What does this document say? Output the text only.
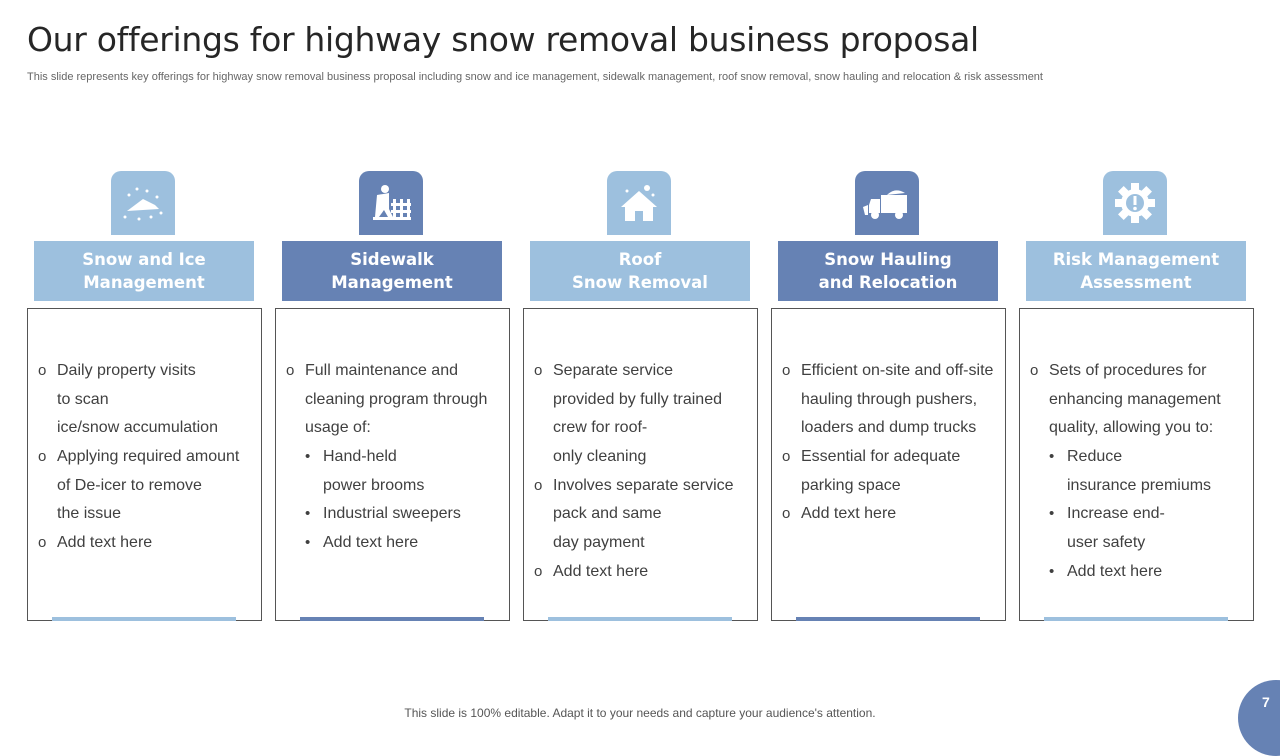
Our offerings for highway snow removal business proposal
This slide represents key offerings for highway snow removal business proposal including snow and ice management, sidewalk management, roof snow removal, snow hauling and relocation & risk assessment
Snow and Ice
Management
o Daily property visits
to scan
ice/snow accumulation
o Applying required amount
of De-icer to remove
the issue
o Add text here
Sidewalk
Management
o Full maintenance and
cleaning program through
usage of:
• Hand-held
power brooms
• Industrial sweepers
• Add text here
Roof
Snow Removal
o Separate service
provided by fully trained
crew for roof-
only cleaning
o Involves separate service
pack and same
day payment
o Add text here
Snow Hauling
and Relocation
o Efficient on-site and off-site
hauling through pushers,
loaders and dump trucks
o Essential for adequate
parking space
o Add text here
Risk Management
Assessment
o Sets of procedures for
enhancing management
quality, allowing you to:
• Reduce
insurance premiums
• Increase end-
user safety
• Add text here
This slide is 100% editable. Adapt it to your needs and capture your audience's attention.
7
